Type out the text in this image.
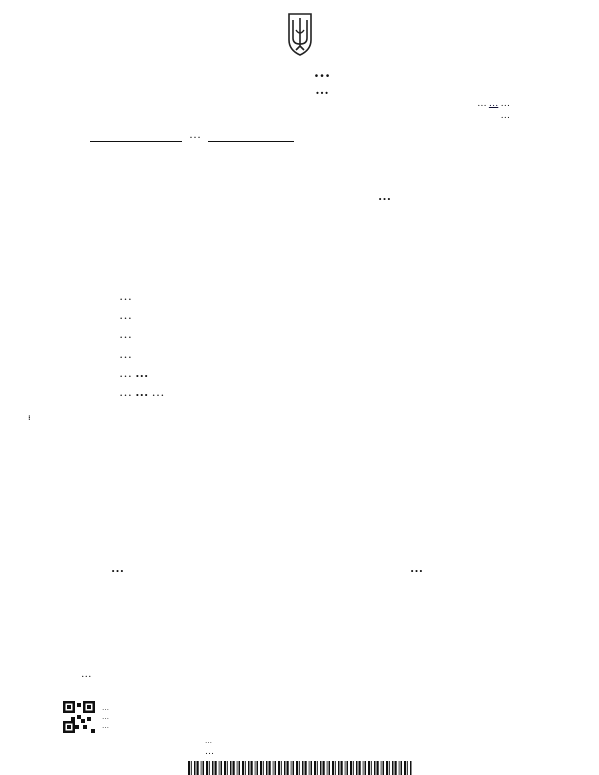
…
…
… … …
…
…
…
…
…
…
…
… …
… … …
…	…
…
…
…
…
…
…
…
